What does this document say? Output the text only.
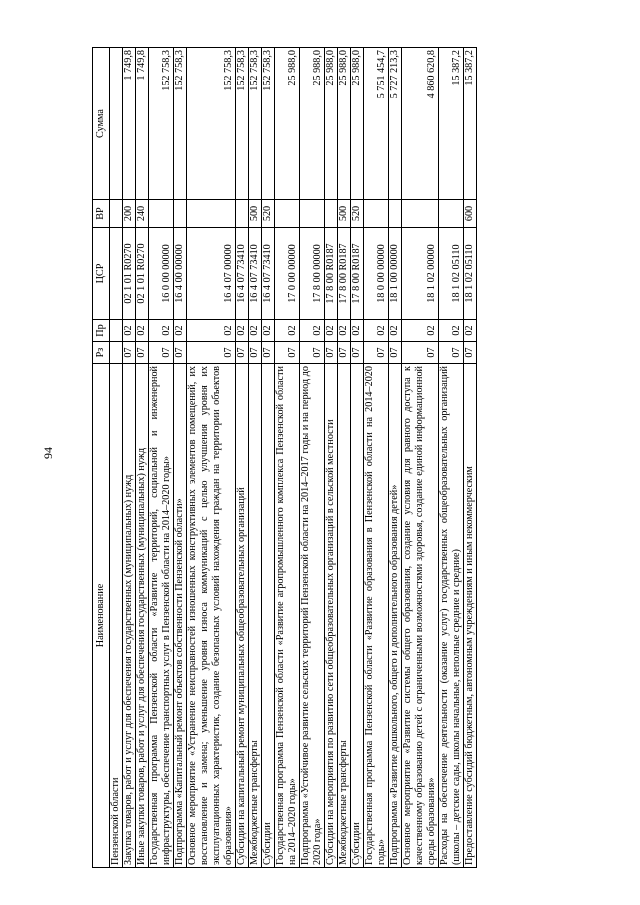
94
Наименование	Рз	Пр	ЦСР	ВР	Сумма
Пензенской области					
Закупка товаров, работ и услуг для обеспечения государственных (муниципальных) нужд	07	02	02 1 01 R0270	200	1 749,8
Иные закупки товаров, работ и услуг для обеспечения государственных (муниципальных) нужд	07	02	02 1 01 R0270	240	1 749,8
Государственная программа Пензенской области «Развитие территорий, социальной и инженерной инфраструктуры, обеспечение транспортных услуг в Пензенской области на 2014–2020 годы»	07	02	16 0 00 00000		152 758,3
Подпрограмма «Капитальный ремонт объектов собственности Пензенской области»	07	02	16 4 00 00000		152 758,3
Основное мероприятие «Устранение неисправностей изношенных конструктивных элементов помещений, их восстановление и замена; уменьшение уровня износа коммуникаций с целью улучшения уровня их эксплуатационных характеристик, создание безопасных условий нахождения граждан на территории объектов образования»	07	02	16 4 07 00000		152 758,3
Субсидии на капитальный ремонт муниципальных общеобразовательных организаций	07	02	16 4 07 73410		152 758,3
Межбюджетные трансферты	07	02	16 4 07 73410	500	152 758,3
Субсидии	07	02	16 4 07 73410	520	152 758,3
Государственная программа Пензенской области «Развитие агропромышленного комплекса Пензенской области на 2014–2020 годы»	07	02	17 0 00 00000		25 988,0
Подпрограмма «Устойчивое развитие сельских территорий Пензенской области на 2014–2017 годы и на период до 2020 года»	07	02	17 8 00 00000		25 988,0
Субсидии на мероприятия по развитию сети общеобразовательных организаций в сельской местности	07	02	17 8 00 R0187		25 988,0
Межбюджетные трансферты	07	02	17 8 00 R0187	500	25 988,0
Субсидии	07	02	17 8 00 R0187	520	25 988,0
Государственная программа Пензенской области «Развитие образования в Пензенской области на 2014–2020 годы»	07	02	18 0 00 00000		5 751 454,7
Подпрограмма «Развитие дошкольного, общего и дополнительного образования детей»	07	02	18 1 00 00000		5 727 213,3
Основное мероприятие «Развитие системы общего образования, создание условия для равного доступа к качественному образованию детей с ограниченными возможностями здоровья, создание единой информационной среды образования»	07	02	18 1 02 00000		4 860 620,8
Расходы на обеспечение деятельности (оказание услуг) государственных общеобразовательных организаций (школы – детские сады, школы начальные, неполные средние и средние)	07	02	18 1 02 05110		15 387,2
Предоставление субсидий бюджетным, автономным учреждениям и иным некоммерческим	07	02	18 1 02 05110	600	15 387,2
